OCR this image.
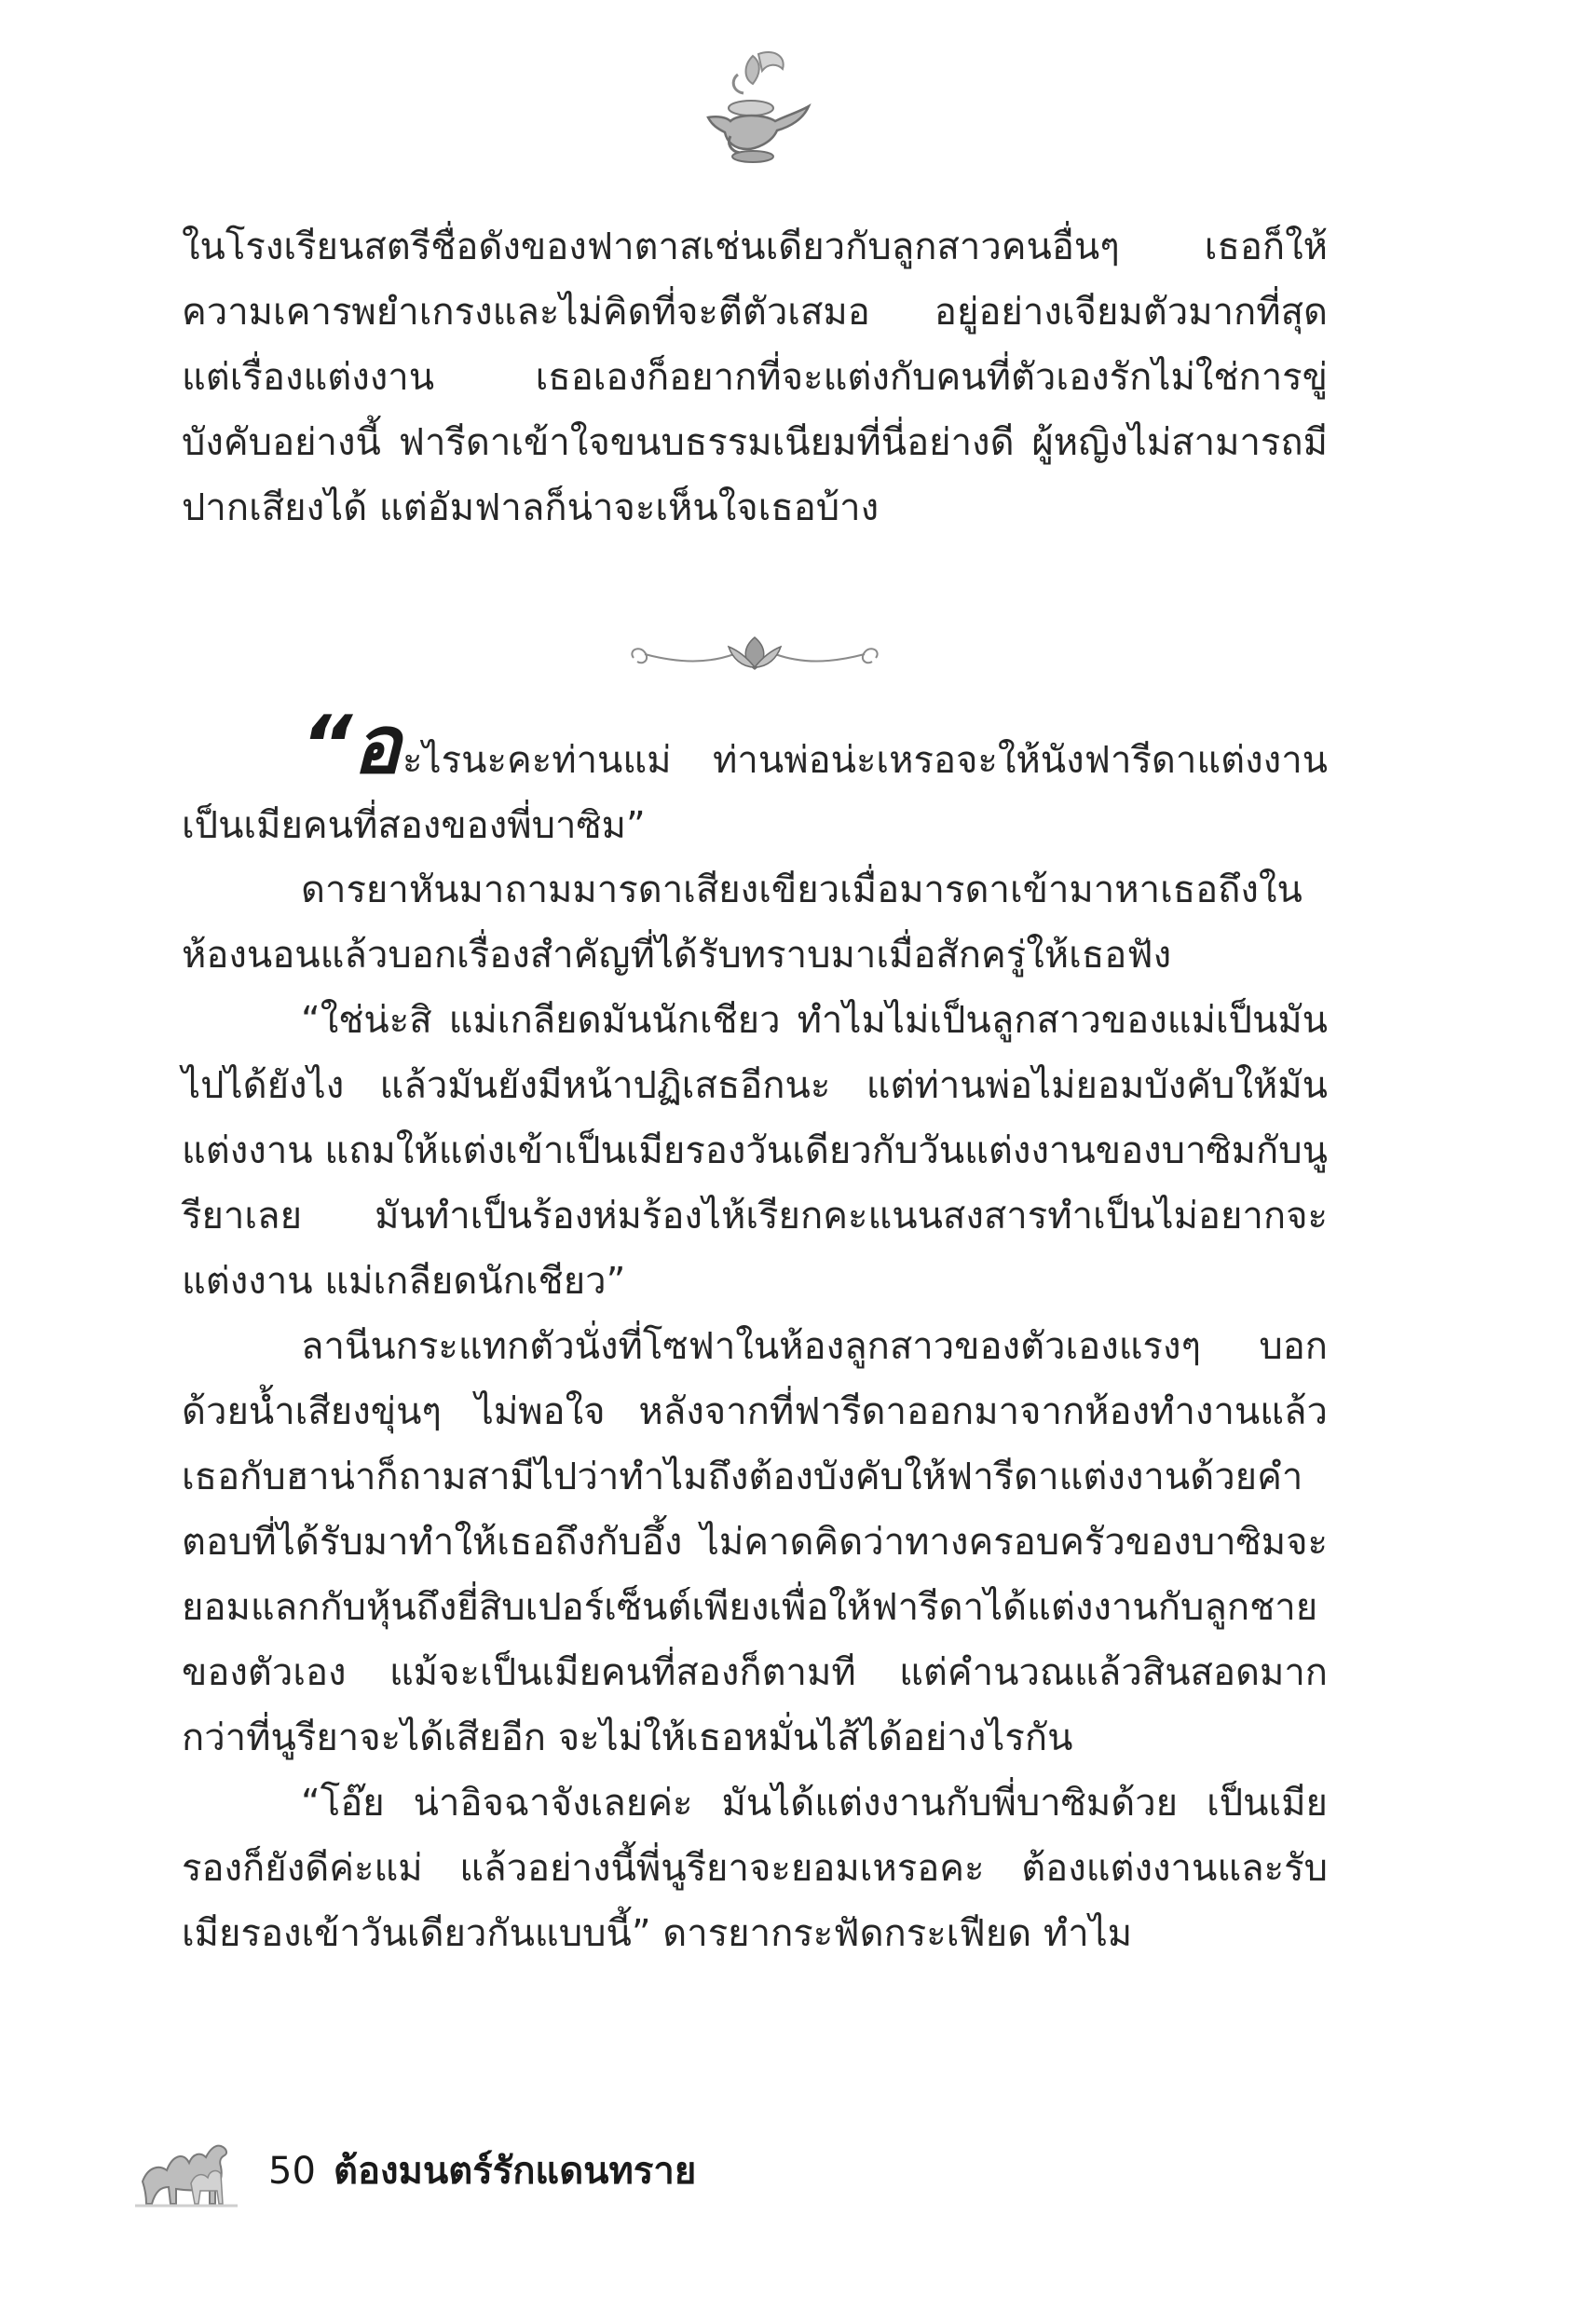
ในโรงเรียนสตรีชื่อดังของฟาตาสเช่นเดียวกับลูกสาวคนอื่นๆ เธอก็ให้ความเคารพยำเกรงและไม่คิดที่จะตีตัวเสมอ อยู่อย่างเจียมตัวมากที่สุด แต่เรื่องแต่งงาน เธอเองก็อยากที่จะแต่งกับคนที่ตัวเองรักไม่ใช่การขู่บังคับอย่างนี้ ฟารีดาเข้าใจขนบธรรมเนียมที่นี่อย่างดี ผู้หญิงไม่สามารถมีปากเสียงได้ แต่อัมฟาลก็น่าจะเห็นใจเธอบ้าง

“อะไรนะคะท่านแม่ ท่านพ่อน่ะเหรอจะให้นังฟารีดาแต่งงานเป็นเมียคนที่สองของพี่บาซิม”

ดารยาหันมาถามมารดาเสียงเขียวเมื่อมารดาเข้ามาหาเธอถึงในห้องนอนแล้วบอกเรื่องสำคัญที่ได้รับทราบมาเมื่อสักครู่ให้เธอฟัง
“ใช่น่ะสิ แม่เกลียดมันนักเชียว ทำไมไม่เป็นลูกสาวของแม่เป็นมันไปได้ยังไง แล้วมันยังมีหน้าปฏิเสธอีกนะ แต่ท่านพ่อไม่ยอมบังคับให้มันแต่งงาน แถมให้แต่งเข้าเป็นเมียรองวันเดียวกับวันแต่งงานของบาซิมกับนูรียาเลย มันทำเป็นร้องห่มร้องไห้เรียกคะแนนสงสารทำเป็นไม่อยากจะแต่งงาน แม่เกลียดนักเชียว”
ลานีนกระแทกตัวนั่งที่โซฟาในห้องลูกสาวของตัวเองแรงๆ บอกด้วยน้ำเสียงขุ่นๆ ไม่พอใจ หลังจากที่ฟารีดาออกมาจากห้องทำงานแล้วเธอกับฮาน่าก็ถามสามีไปว่าทำไมถึงต้องบังคับให้ฟารีดาแต่งงานด้วยคำตอบที่ได้รับมาทำให้เธอถึงกับอึ้ง ไม่คาดคิดว่าทางครอบครัวของบาซิมจะยอมแลกกับหุ้นถึงยี่สิบเปอร์เซ็นต์เพียงเพื่อให้ฟารีดาได้แต่งงานกับลูกชายของตัวเอง แม้จะเป็นเมียคนที่สองก็ตามที แต่คำนวณแล้วสินสอดมากกว่าที่นูรียาจะได้เสียอีก จะไม่ให้เธอหมั่นไส้ได้อย่างไรกัน
“โอ๊ย น่าอิจฉาจังเลยค่ะ มันได้แต่งงานกับพี่บาซิมด้วย เป็นเมียรองก็ยังดีค่ะแม่ แล้วอย่างนี้พี่นูรียาจะยอมเหรอคะ ต้องแต่งงานและรับเมียรองเข้าวันเดียวกันแบบนี้” ดารยากระฟัดกระเฟียด ทำไม
50 ต้องมนตร์รักแดนทราย
